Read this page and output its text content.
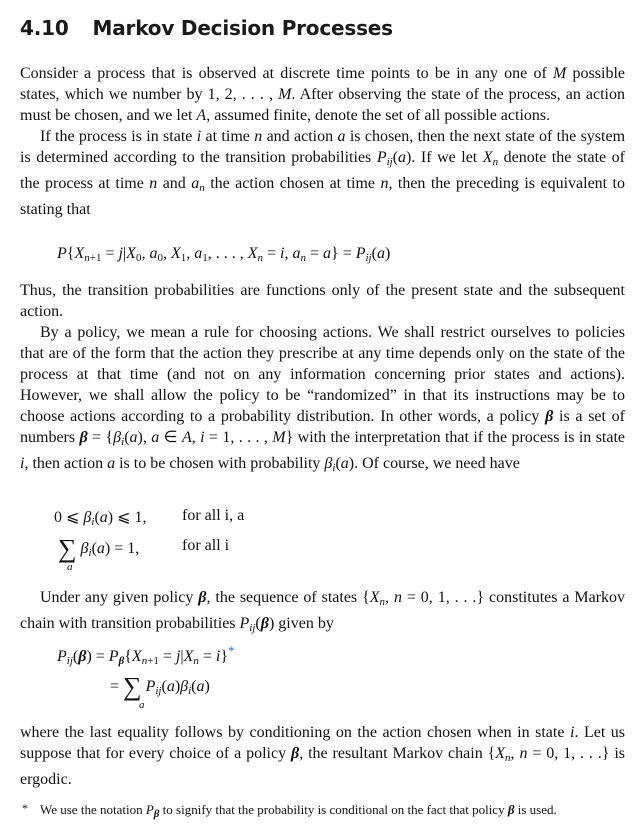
4.10 Markov Decision Processes

Consider a process that is observed at discrete time points to be in any one of M possible states, which we number by 1, 2, . . . , M. After observing the state of the process, an action must be chosen, and we let A, assumed finite, denote the set of all possible actions.

If the process is in state i at time n and action a is chosen, then the next state of the system is determined according to the transition probabilities $P_{ij}(a)$. If we let $X_n$ denote the state of the process at time n and $a_n$ the action chosen at time n, then the preceding is equivalent to stating that

$P\{X_{n+1} = j|X_0$, $a_0$, $X_1$, $a_1$, . . . , $X_n = i$, $a_n = a\} = P_{ij}(a)$

Thus, the transition probabilities are functions only of the present state and the subsequent action.

By a policy, we mean a rule for choosing actions. We shall restrict ourselves to policies that are of the form that the action they prescribe at any time depends only on the state of the process at that time (and not on any information concerning prior states and actions). However, we shall allow the policy to be “randomized” in that its instructions may be to choose actions according to a probability distribution. In other words, a policy β is a set of numbers $\beta = \{\beta_i(a)$, a ∈ A, i = 1, . . . , M} with the interpretation that if the process is in state i, then action a is to be chosen with probability $\beta_i(a)$. Of course, we need have

0 ⩽ $\beta_i(a)$ ⩽ 1, for all i, a
∑ $\beta_i(a) = 1$,
a
for all i

Under any given policy β, the sequence of states {$X_n$, n = 0, 1, . . .} constitutes a Markov chain with transition probabilities $P_{ij}(\beta)$ given by

$P_{ij}(\beta) = P_\beta\{X_{n+1} = j|X_n = i\}^*$
= ∑ $P_{ij}(a)\beta_i(a)$
a

where the last equality follows by conditioning on the action chosen when in state i. Let us suppose that for every choice of a policy β, the resultant Markov chain {$X_n$, n = 0, 1, . . .} is ergodic.

* We use the notation $P_\beta$ to signify that the probability is conditional on the fact that policy β is used.
